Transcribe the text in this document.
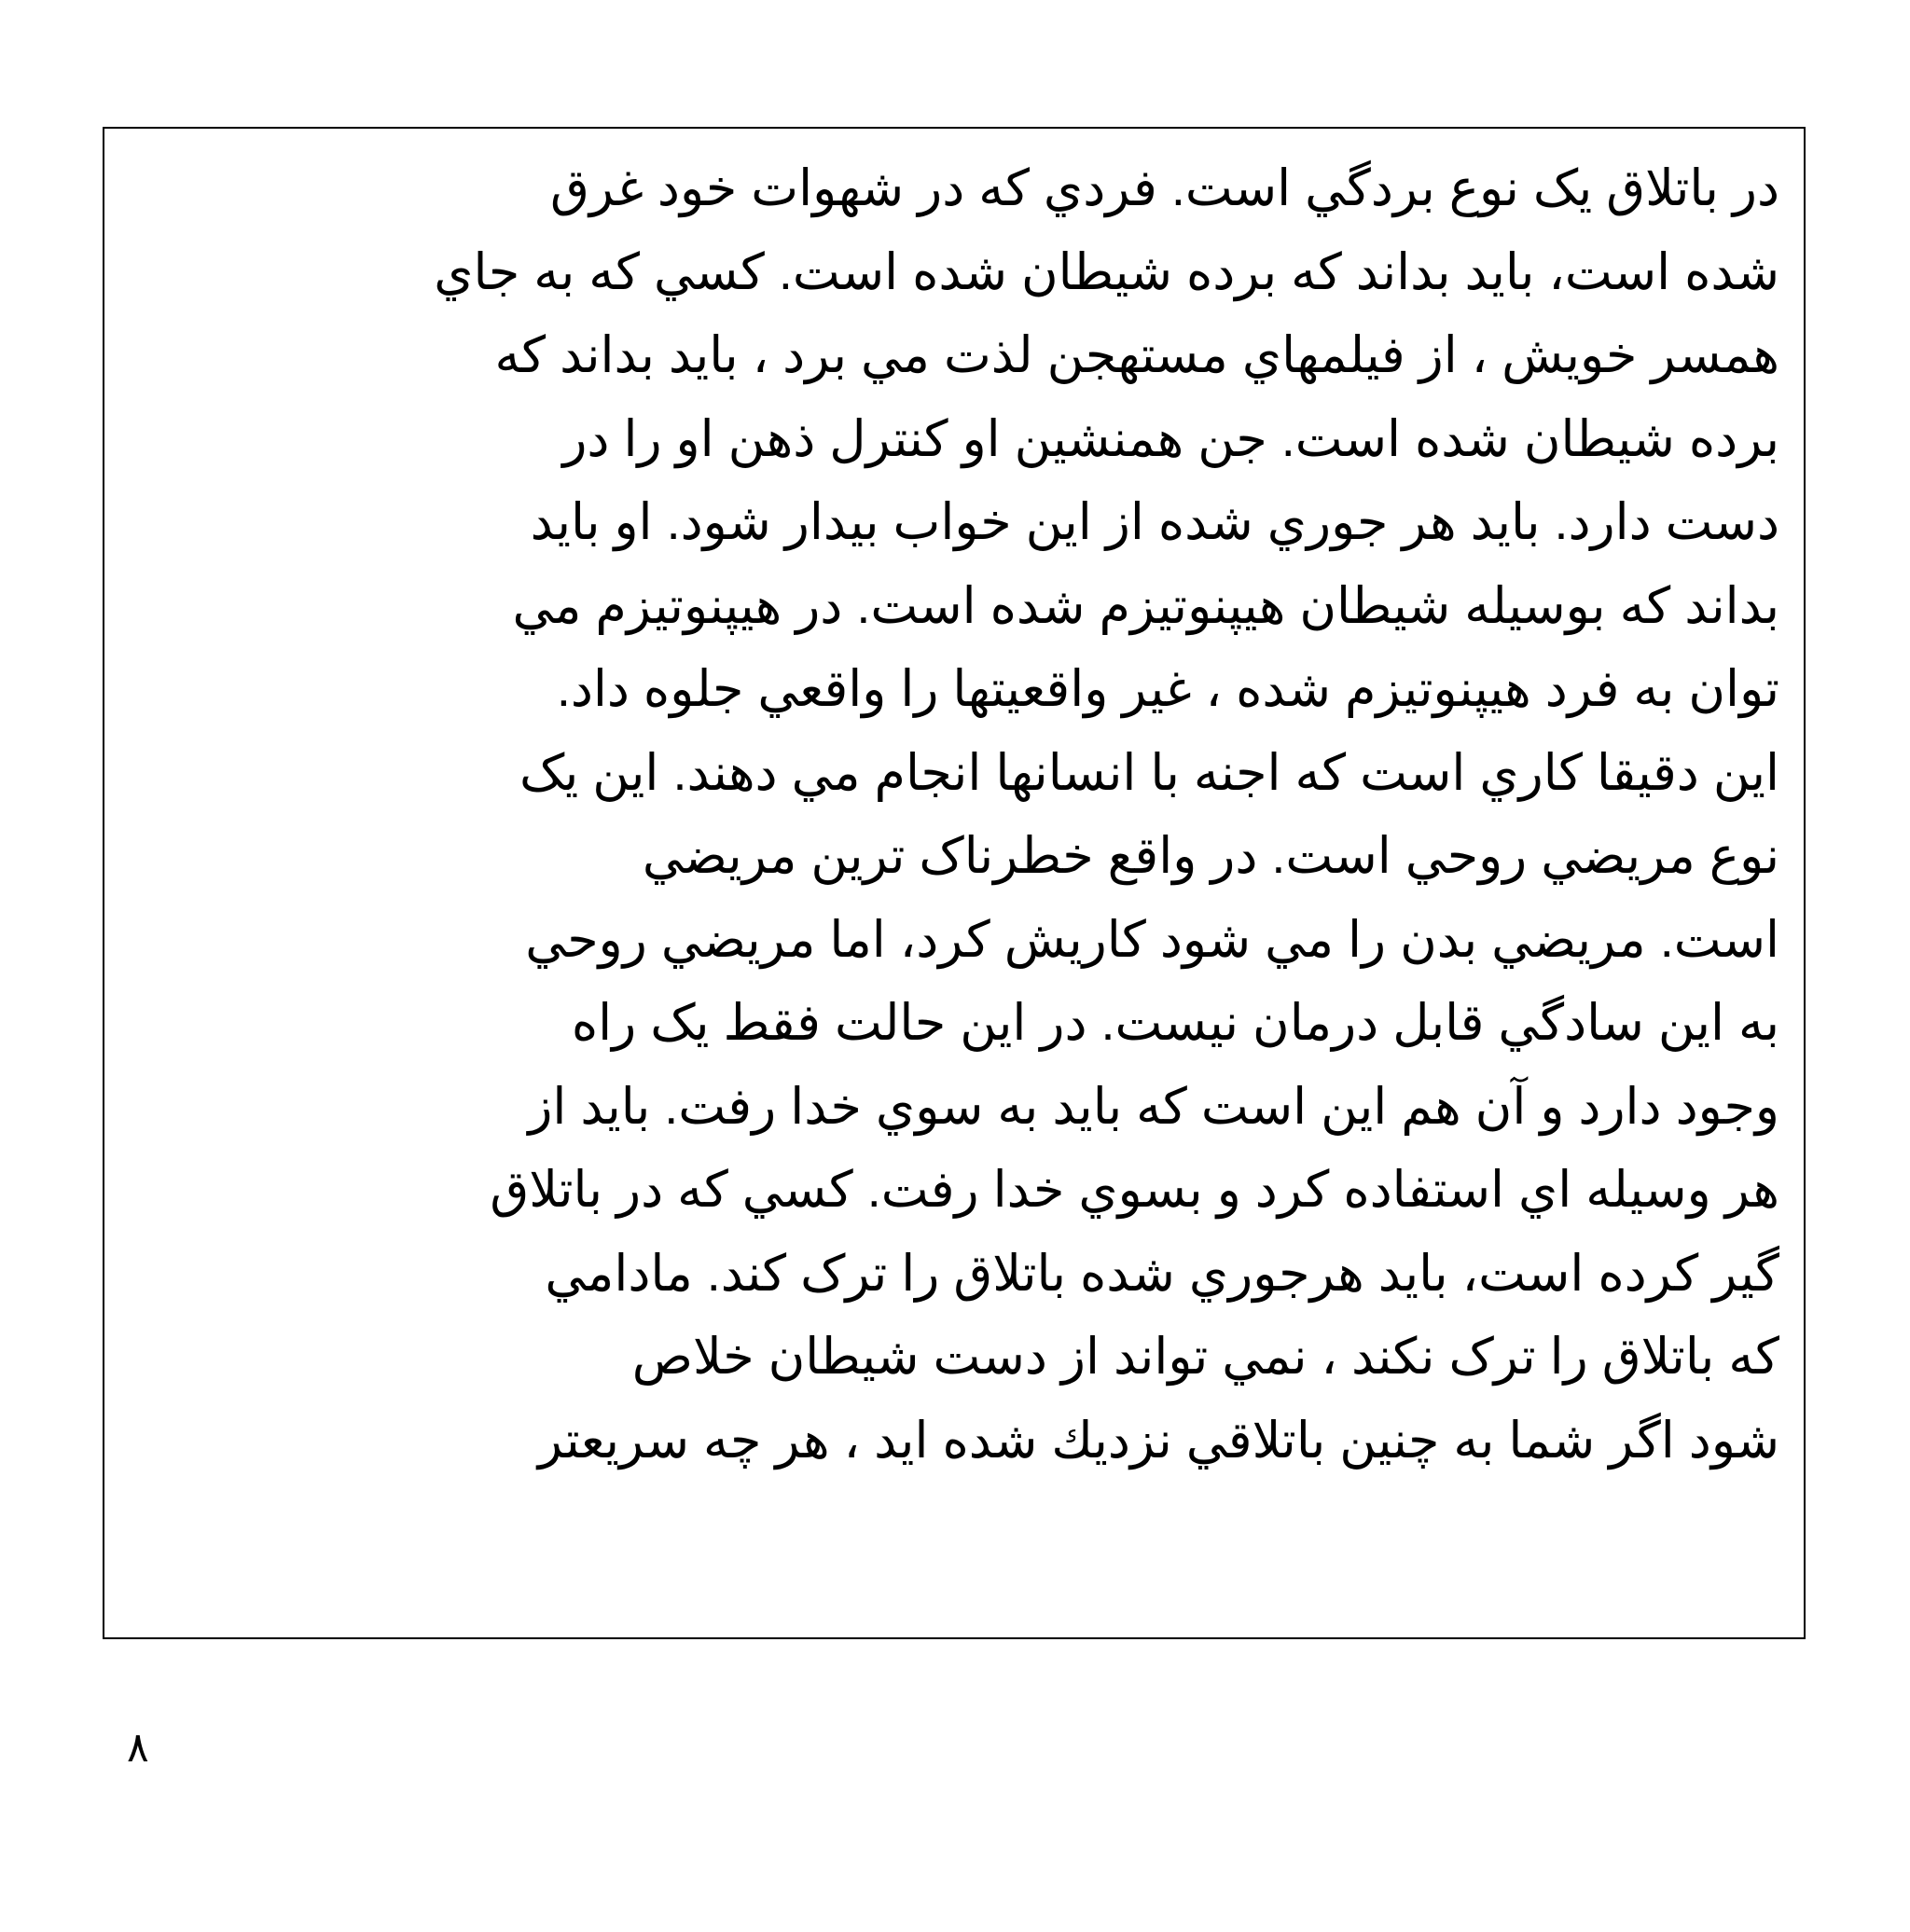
در باتلاق يک نوع بردگي است. فردي که در شهوات خود غرق
شده است، بايد بداند که برده شيطان شده است. کسي که به جاي
همسر خويش ، از فيلمهاي مستهجن لذت مي برد ، بايد بداند که
برده شيطان شده است. جن همنشين او کنترل ذهن او را در
دست دارد. بايد هر جوري شده از اين خواب بيدار شود. او بايد
بداند که بوسيله شيطان هيپنوتيزم شده است. در هيپنوتيزم مي
توان به فرد هيپنوتيزم شده ، غير واقعيتها را واقعي جلوه داد.
اين دقيقا کاري است که اجنه با انسانها انجام مي دهند. اين يک
نوع مريضي روحي است. در واقع خطرناک ترين مريضي
است. مريضي بدن را مي شود کاريش کرد، اما مريضي روحي
به اين سادگي قابل درمان نيست. در اين حالت فقط يک راه
وجود دارد و آن هم اين است که بايد به سوي خدا رفت. بايد از
هر وسيله اي استفاده کرد و بسوي خدا رفت. کسي که در باتلاق
گير کرده است، بايد هرجوري شده باتلاق را ترک کند. مادامي
که باتلاق را ترک نکند ، نمي تواند از دست شيطان خلاص
شود اگر شما به چنين باتلاقي نزديك شده ايد ، هر چه سريعتر
٨
